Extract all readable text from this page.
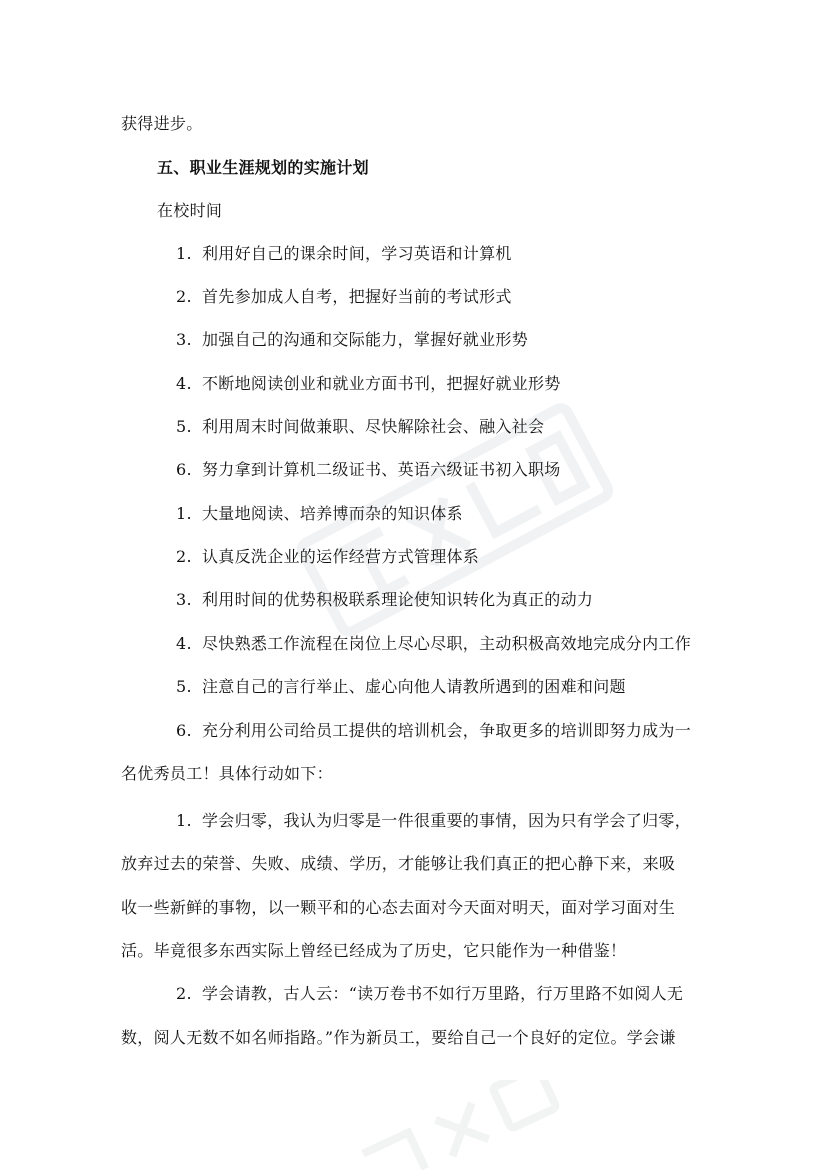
获得进步。
五、职业生涯规划的实施计划
在校时间
1. 利用好自己的课余时间，学习英语和计算机
2. 首先参加成人自考，把握好当前的考试形式
3. 加强自己的沟通和交际能力，掌握好就业形势
4. 不断地阅读创业和就业方面书刊，把握好就业形势
5. 利用周末时间做兼职、尽快解除社会、融入社会
6. 努力拿到计算机二级证书、英语六级证书初入职场
1. 大量地阅读、培养博而杂的知识体系
2. 认真反洗企业的运作经营方式管理体系
3. 利用时间的优势积极联系理论使知识转化为真正的动力
4. 尽快熟悉工作流程在岗位上尽心尽职，主动积极高效地完成分内工作
5. 注意自己的言行举止、虚心向他人请教所遇到的困难和问题
6. 充分利用公司给员工提供的培训机会，争取更多的培训即努力成为一
名优秀员工！具体行动如下：
1. 学会归零，我认为归零是一件很重要的事情，因为只有学会了归零，
放弃过去的荣誉、失败、成绩、学历，才能够让我们真正的把心静下来，来吸
收一些新鲜的事物，以一颗平和的心态去面对今天面对明天，面对学习面对生
活。毕竟很多东西实际上曾经已经成为了历史，它只能作为一种借鉴！
2. 学会请教，古人云：“读万卷书不如行万里路，行万里路不如阅人无
数，阅人无数不如名师指路。”作为新员工，要给自己一个良好的定位。学会谦
